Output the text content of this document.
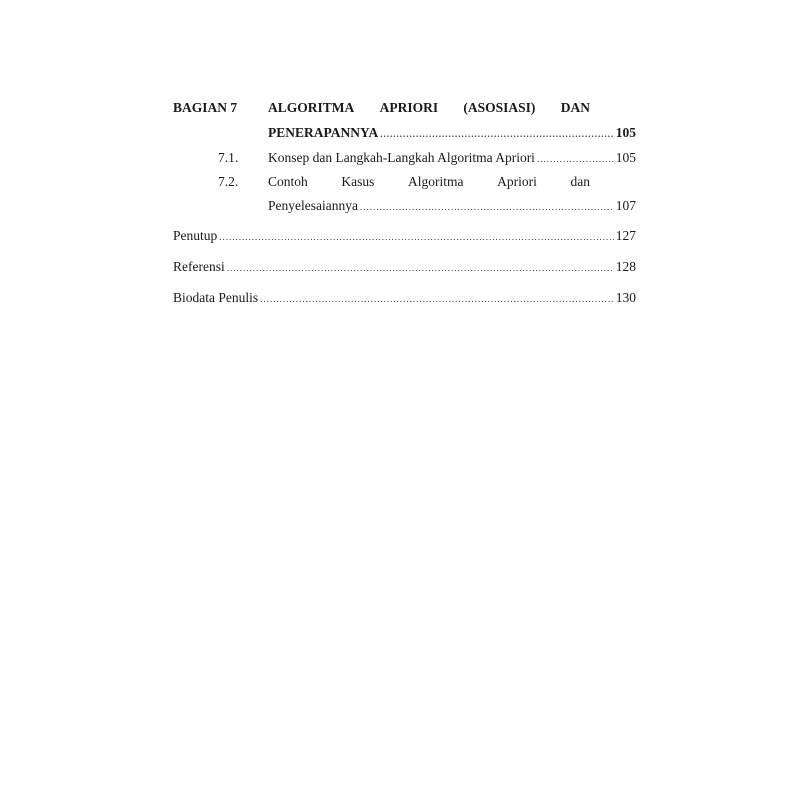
BAGIAN 7 ALGORITMA APRIORI (ASOSIASI) DAN
PENERAPANNYA .....	105
7.1. Konsep dan Langkah-Langkah Algoritma Apriori .....	105
7.2. Contoh Kasus Algoritma Apriori dan
Penyelesaiannya .....	107
Penutup .....	127
Referensi .....	128
Biodata Penulis .....	130
